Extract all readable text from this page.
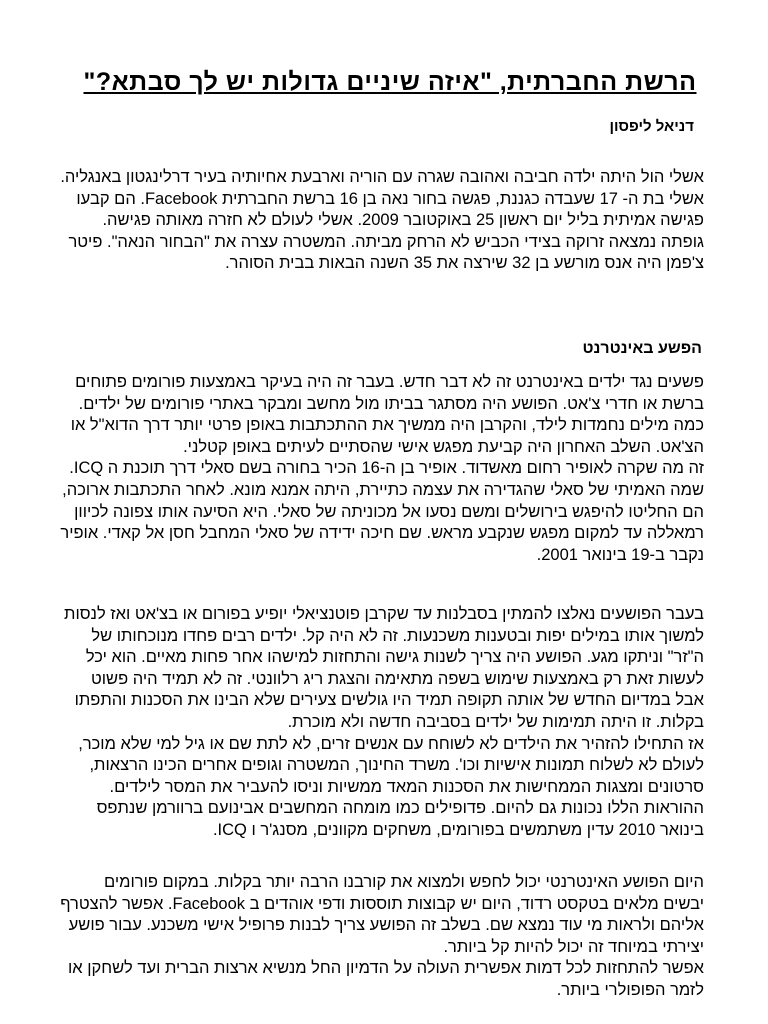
הרשת החברתית, "איזה שיניים גדולות יש לך סבתא?"
דניאל ליפסון

אשלי הול היתה ילדה חביבה ואהובה שגרה עם הוריה וארבעת אחיותיה בעיר דרלינגטון באנגליה.

אשלי בת ה- 17 שעבדה כגננת, פגשה בחור נאה בן 16 ברשת החברתית Facebook. הם קבעו פגישה אמיתית בליל יום ראשון 25 באוקטובר 2009. אשלי לעולם לא חזרה מאותה פגישה. גופתה נמצאה זרוקה בצידי הכביש לא הרחק מביתה. המשטרה עצרה את "הבחור הנאה". פיטר צ'פמן היה אנס מורשע בן 32 שירצה את 35 השנה הבאות בבית הסוהר.

הפשע באינטרנט

פשעים נגד ילדים באינטרנט זה לא דבר חדש. בעבר זה היה בעיקר באמצעות פורומים פתוחים ברשת או חדרי צ'אט. הפושע היה מסתגר בביתו מול מחשב ומבקר באתרי פורומים של ילדים. כמה מילים נחמדות לילד, והקרבן היה ממשיך את ההתכתבות באופן פרטי יותר דרך הדוא"ל או הצ'אט. השלב האחרון היה קביעת מפגש אישי שהסתיים לעיתים באופן קטלני.

זה מה שקרה לאופיר רחום מאשדוד. אופיר בן ה-16 הכיר בחורה בשם סאלי דרך תוכנת ה ICQ. שמה האמיתי של סאלי שהגדירה את עצמה כתיירת, היתה אמנא מונא. לאחר התכתבות ארוכה, הם החליטו להיפגש בירושלים ומשם נסעו אל מכוניתה של סאלי. היא הסיעה אותו צפונה לכיוון רמאללה עד למקום מפגש שנקבע מראש. שם חיכה ידידה של סאלי המחבל חסן אל קאדי. אופיר נקבר ב-19 בינואר 2001.

בעבר הפושעים נאלצו להמתין בסבלנות עד שקרבן פוטנציאלי יופיע בפורום או בצ'אט ואז לנסות למשוך אותו במילים יפות ובטענות משכנעות. זה לא היה קל. ילדים רבים פחדו מנוכחותו של ה"זר" וניתקו מגע. הפושע היה צריך לשנות גישה והתחזות למישהו אחר פחות מאיים. הוא יכל לעשות זאת רק באמצעות שימוש בשפה מתאימה והצגת ריג רלוונטי. זה לא תמיד היה פשוט אבל במדיום החדש של אותה תקופה תמיד היו גולשים צעירים שלא הבינו את הסכנות והתפתו בקלות. זו היתה תמימות של ילדים בסביבה חדשה ולא מוכרת.

אז התחילו להזהיר את הילדים לא לשוחח עם אנשים זרים, לא לתת שם או גיל למי שלא מוכר, לעולם לא לשלוח תמונות אישיות וכו'. משרד החינוך, המשטרה וגופים אחרים הכינו הרצאות, סרטונים ומצגות הממחישות את הסכנות המאד ממשיות וניסו להעביר את המסר לילדים. ההוראות הללו נכונות גם להיום. פדופילים כמו מומחה המחשבים אבינועם ברוורמן שנתפס בינואר 2010 עדין משתמשים בפורומים, משחקים מקוונים, מסנג'ר ו ICQ.

היום הפושע האינטרנטי יכול לחפש ולמצוא את קורבנו הרבה יותר בקלות. במקום פורומים יבשים מלאים בטקסט רדוד, היום יש קבוצות תוססות ודפי אוהדים ב Facebook. אפשר להצטרף אליהם ולראות מי עוד נמצא שם. בשלב זה הפושע צריך לבנות פרופיל אישי משכנע. עבור פושע יצירתי במיוחד זה יכול להיות קל ביותר.

אפשר להתחזות לכל דמות אפשרית העולה על הדמיון החל מנשיא ארצות הברית ועד לשחקן או לזמר הפופולרי ביותר.
